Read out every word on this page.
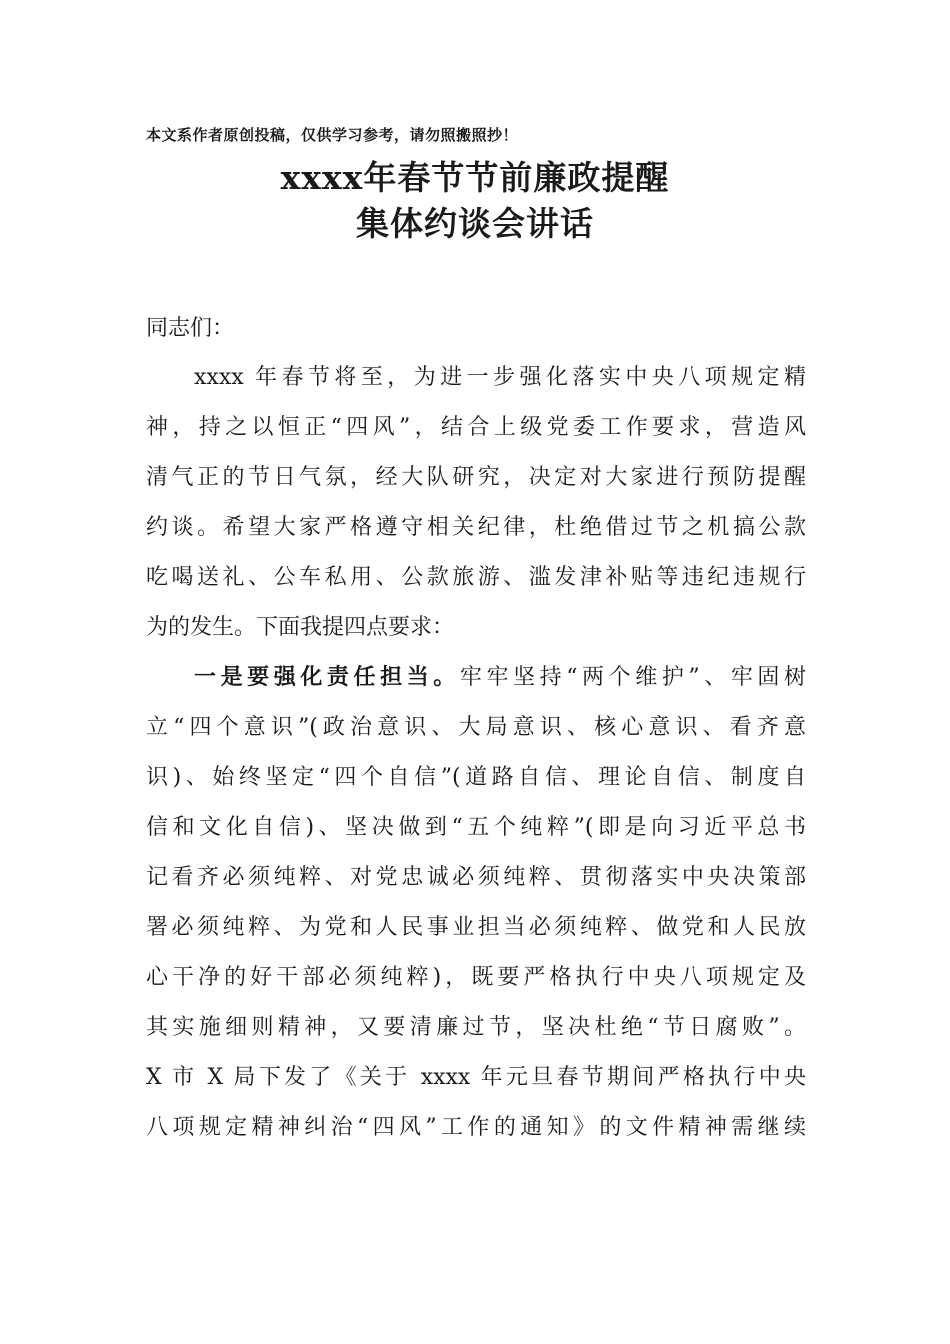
本文系作者原创投稿，仅供学习参考，请勿照搬照抄！
xxxx年春节节前廉政提醒
集体约谈会讲话
同志们：
xxxx 年春节将至，为进一步强化落实中央八项规定精
神，持之以恒正“四风”，结合上级党委工作要求，营造风
清气正的节日气氛，经大队研究，决定对大家进行预防提醒
约谈。希望大家严格遵守相关纪律，杜绝借过节之机搞公款
吃喝送礼、公车私用、公款旅游、滥发津补贴等违纪违规行
为的发生。下面我提四点要求：
一是要强化责任担当。牢牢坚持“两个维护”、牢固树
立“四个意识”(政治意识、大局意识、核心意识、看齐意
识)、始终坚定“四个自信”(道路自信、理论自信、制度自
信和文化自信)、坚决做到“五个纯粹”(即是向习近平总书
记看齐必须纯粹、对党忠诚必须纯粹、贯彻落实中央决策部
署必须纯粹、为党和人民事业担当必须纯粹、做党和人民放
心干净的好干部必须纯粹)，既要严格执行中央八项规定及
其实施细则精神，又要清廉过节，坚决杜绝“节日腐败”。
X 市 X 局下发了《关于 xxxx 年元旦春节期间严格执行中央
八项规定精神纠治“四风”工作的通知》的文件精神需继续
